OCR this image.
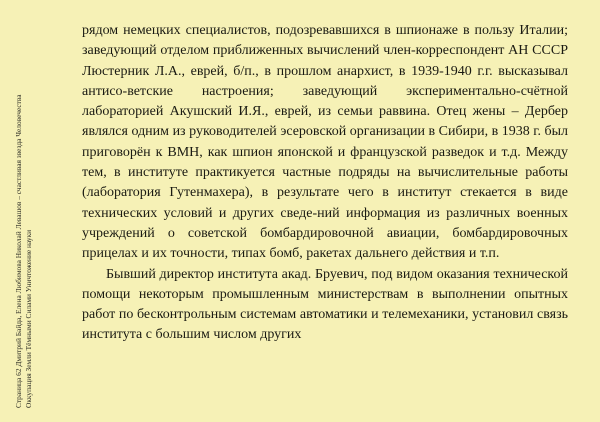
Страница 62 Дмитрий Байда, Елена Любимова Николай Левашов – счастливая звезда Человечества Оккупация Земли Тёмными Силами Уничтожение науки

рядом немецких специалистов, подозревавшихся в шпионаже в пользу Италии; заведующий отделом приближенных вычислений член-корреспондент АН СССР Люстерник Л.А., еврей, б/п., в прошлом анархист, в 1939-1940 г.г. высказывал антисо-ветские настроения; заведующий экспериментально-счётной лабораторией Акушский И.Я., еврей, из семьи раввина. Отец жены – Дербер являлся одним из руководителей эсеровской организации в Сибири, в 1938 г. был приговорён к ВМН, как шпион японской и французской разведок и т.д. Между тем, в институте практикуется частные подряды на вычислительные работы (лаборатория Гутенмахера), в результате чего в институт стекается в виде технических условий и других сведе-ний информация из различных военных учреждений о советской бомбардировочной авиации, бомбардировочных прицелах и их точности, типах бомб, ракетах дальнего действия и т.п.

Бывший директор института акад. Бруевич, под видом оказания технической помощи некоторым промышленным министерствам в выполнении опытных работ по бесконтрольным системам автоматики и телемеханики, установил связь института с большим числом других
